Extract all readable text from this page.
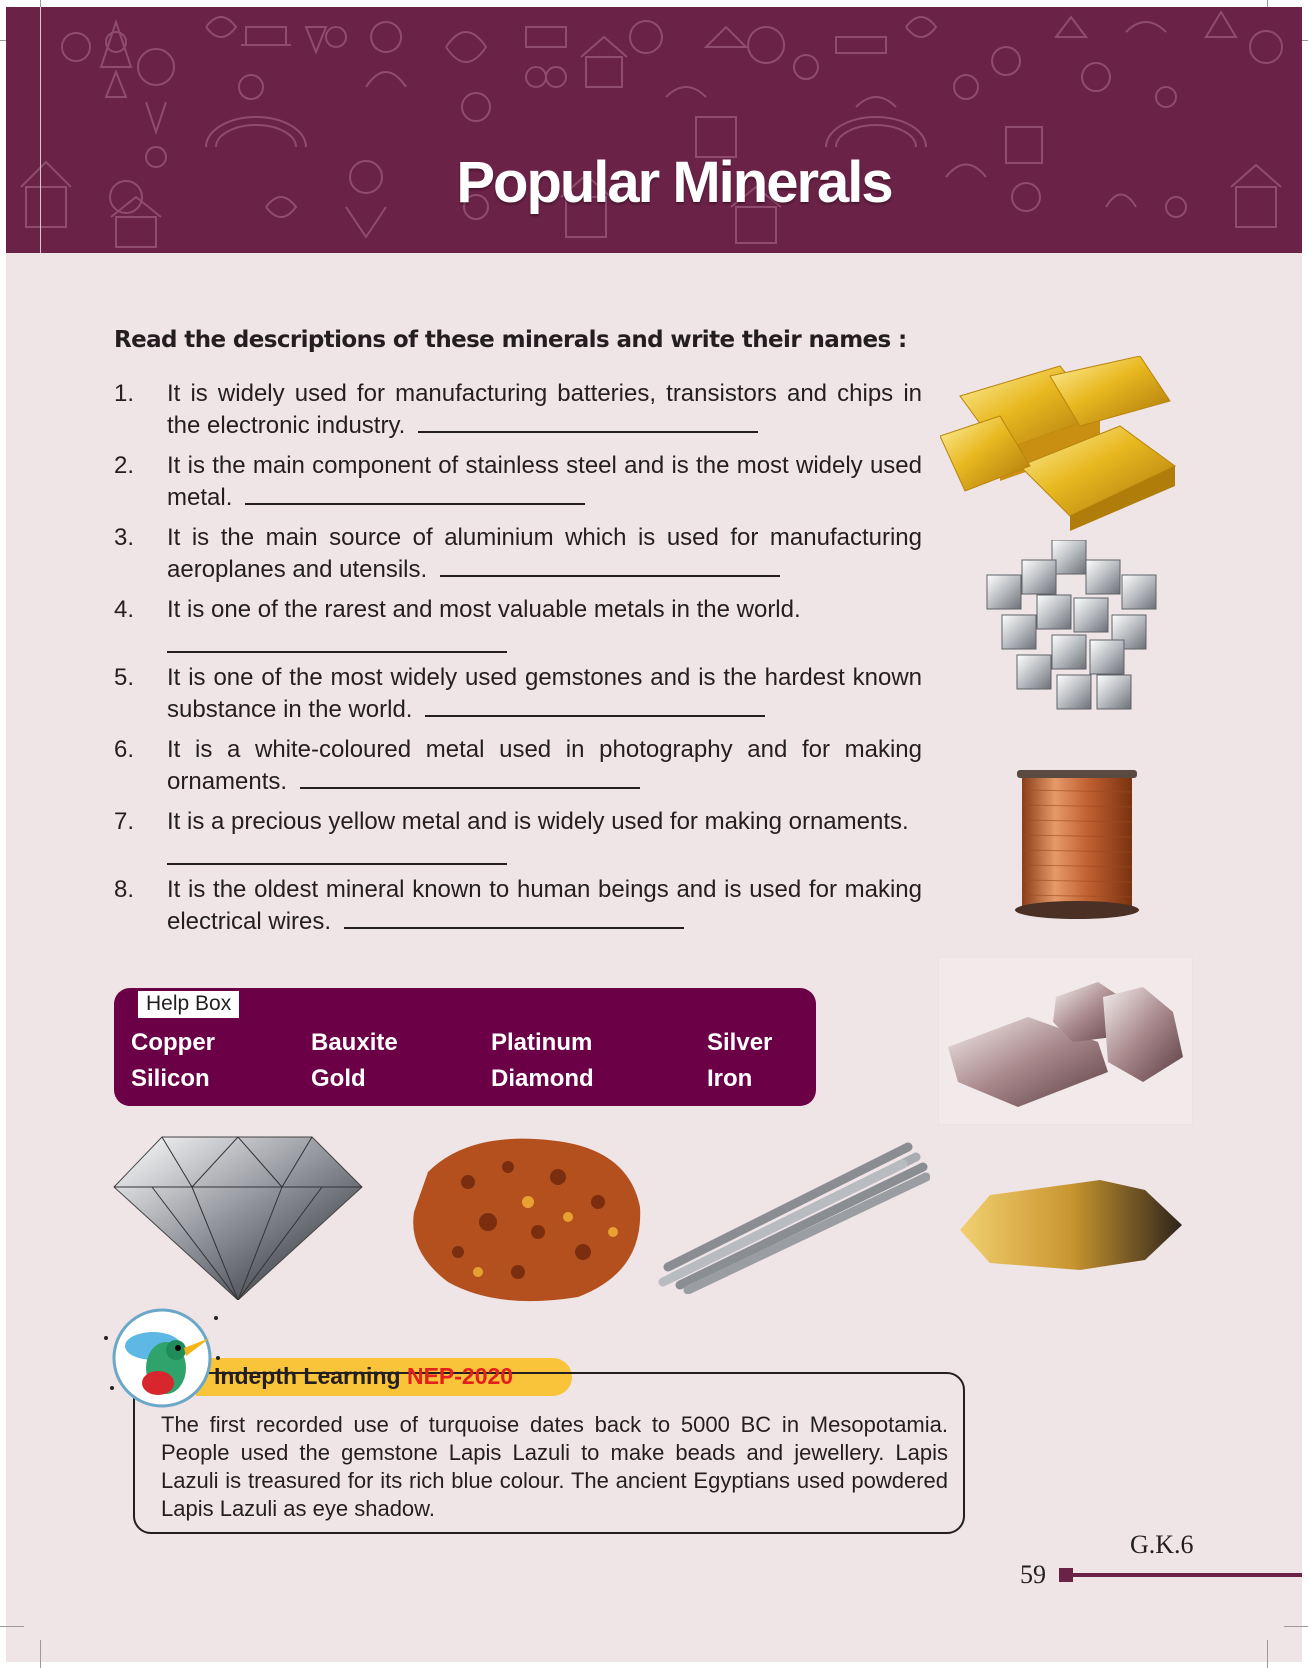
Popular Minerals
Read the descriptions of these minerals and write their names :
1. It is widely used for manufacturing batteries, transistors and chips in the electronic industry.
2. It is the main component of stainless steel and is the most widely used metal.
3. It is the main source of aluminium which is used for manufacturing aeroplanes and utensils.
4. It is one of the rarest and most valuable metals in the world.
5. It is one of the most widely used gemstones and is the hardest known substance in the world.
6. It is a white-coloured metal used in photography and for making ornaments.
7. It is a precious yellow metal and is widely used for making ornaments.
8. It is the oldest mineral known to human beings and is used for making electrical wires.
Help Box
Copper	Bauxite	Platinum	Silver
Silicon	Gold	Diamond	Iron
Indepth Learning NEP-2020
The first recorded use of turquoise dates back to 5000 BC in Mesopotamia. People used the gemstone Lapis Lazuli to make beads and jewellery. Lapis Lazuli is treasured for its rich blue colour. The ancient Egyptians used powdered Lapis Lazuli as eye shadow.
G.K.6
59
